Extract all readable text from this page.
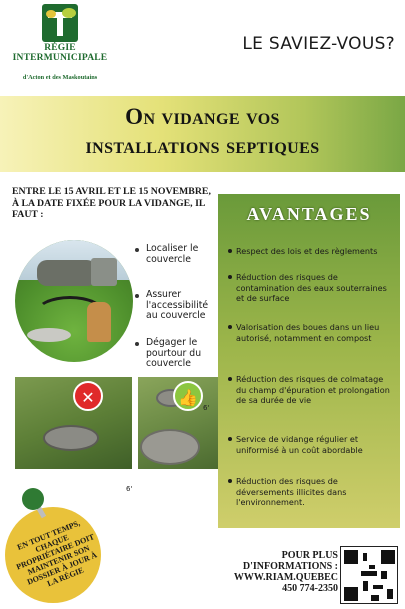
RÉGIE
INTERMUNICIPALE
d'Acton et des Maskoutains
LE SAVIEZ-VOUS?
On vidange vos
installations septiques
ENTRE LE 15 AVRIL ET LE 15 NOVEMBRE, À LA DATE FIXÉE POUR LA VIDANGE, IL FAUT :
Localiser le couvercle
Assurer l'accessibilité au couvercle
Dégager le pourtour du couvercle
✕	👍
6'
6'
AVANTAGES
Respect des lois et des règlements
Réduction des risques de contamination des eaux souterraines et de surface
Valorisation des boues dans un lieu autorisé, notamment en compost
Réduction des risques de colmatage du champ d'épuration et prolongation de sa durée de vie
Service de vidange régulier et uniformisé à un coût abordable
Réduction des risques de déversements illicites dans l'environnement.
EN TOUT TEMPS, CHAQUE PROPRIÉTAIRE DOIT MAINTENIR SON DOSSIER À JOUR À LA RÉGIE
POUR PLUS
D'INFORMATIONS :
WWW.RIAM.QUEBEC
450 774-2350
